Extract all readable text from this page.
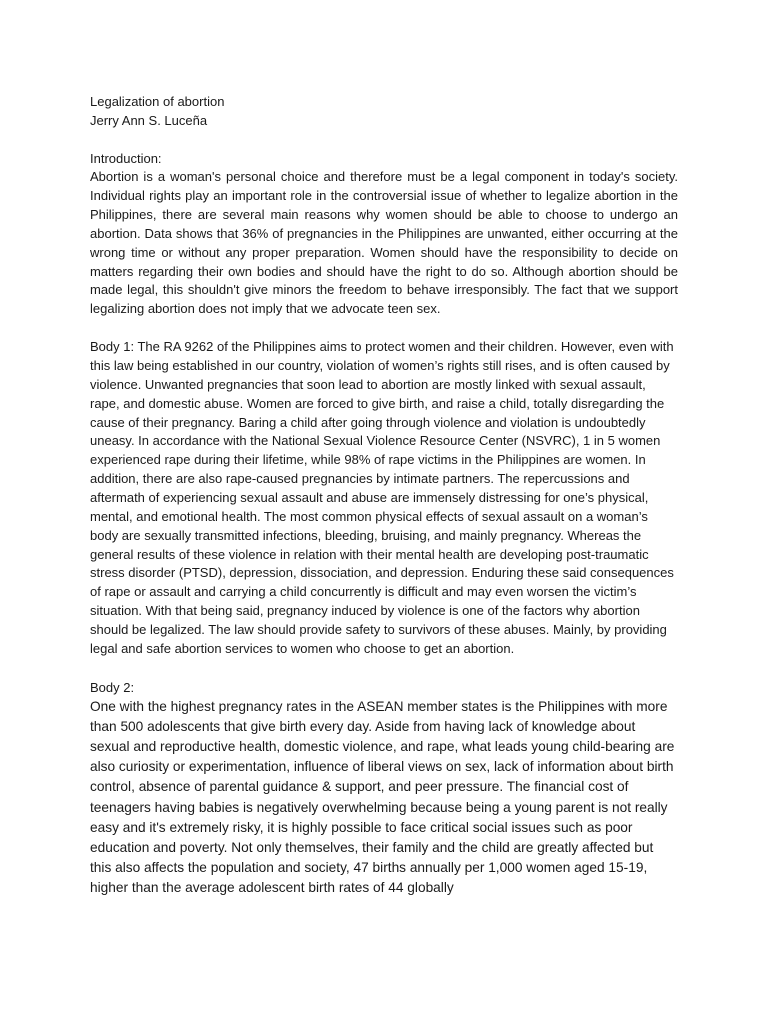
Legalization of abortion

Jerry Ann S. Luceña

Introduction:

Abortion is a woman's personal choice and therefore must be a legal component in today's society. Individual rights play an important role in the controversial issue of whether to legalize abortion in the Philippines, there are several main reasons why women should be able to choose to undergo an abortion. Data shows that 36% of pregnancies in the Philippines are unwanted, either occurring at the wrong time or without any proper preparation. Women should have the responsibility to decide on matters regarding their own bodies and should have the right to do so. Although abortion should be made legal, this shouldn't give minors the freedom to behave irresponsibly. The fact that we support legalizing abortion does not imply that we advocate teen sex.

Body 1: The RA 9262 of the Philippines aims to protect women and their children. However, even with this law being established in our country, violation of women’s rights still rises, and is often caused by violence. Unwanted pregnancies that soon lead to abortion are mostly linked with sexual assault, rape, and domestic abuse. Women are forced to give birth, and raise a child, totally disregarding the cause of their pregnancy. Baring a child after going through violence and violation is undoubtedly uneasy. In accordance with the National Sexual Violence Resource Center (NSVRC), 1 in 5 women experienced rape during their lifetime, while 98% of rape victims in the Philippines are women. In addition, there are also rape-caused pregnancies by intimate partners. The repercussions and aftermath of experiencing sexual assault and abuse are immensely distressing for one’s physical, mental, and emotional health. The most common physical effects of sexual assault on a woman’s body are sexually transmitted infections, bleeding, bruising, and mainly pregnancy. Whereas the general results of these violence in relation with their mental health are developing post-traumatic stress disorder (PTSD), depression, dissociation, and depression. Enduring these said consequences of rape or assault and carrying a child concurrently is difficult and may even worsen the victim’s situation. With that being said, pregnancy induced by violence is one of the factors why abortion should be legalized. The law should provide safety to survivors of these abuses. Mainly, by providing legal and safe abortion services to women who choose to get an abortion.

Body 2:

One with the highest pregnancy rates in the ASEAN member states is the Philippines with more than 500 adolescents that give birth every day. Aside from having lack of knowledge about sexual and reproductive health, domestic violence, and rape, what leads young child-bearing are also curiosity or experimentation, influence of liberal views on sex, lack of information about birth control, absence of parental guidance & support, and peer pressure. The financial cost of teenagers having babies is negatively overwhelming because being a young parent is not really easy and it's extremely risky, it is highly possible to face critical social issues such as poor education and poverty. Not only themselves, their family and the child are greatly affected but this also affects the population and society, 47 births annually per 1,000 women aged 15-19, higher than the average adolescent birth rates of 44 globally
